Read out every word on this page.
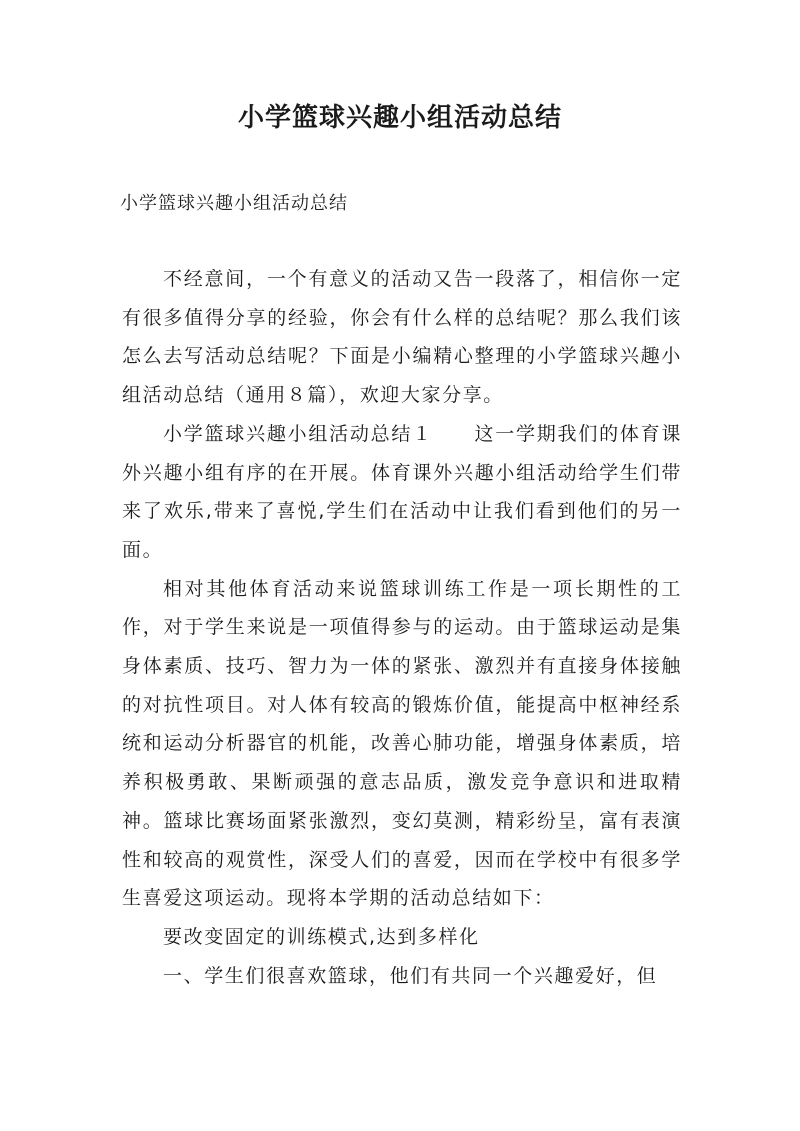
小学篮球兴趣小组活动总结

小学篮球兴趣小组活动总结

不经意间，一个有意义的活动又告一段落了，相信你一定有很多值得分享的经验，你会有什么样的总结呢？那么我们该怎么去写活动总结呢？下面是小编精心整理的小学篮球兴趣小组活动总结（通用８篇），欢迎大家分享。

小学篮球兴趣小组活动总结１　　这一学期我们的体育课外兴趣小组有序的在开展。体育课外兴趣小组活动给学生们带来了欢乐,带来了喜悦,学生们在活动中让我们看到他们的另一面。

相对其他体育活动来说篮球训练工作是一项长期性的工作，对于学生来说是一项值得参与的运动。由于篮球运动是集身体素质、技巧、智力为一体的紧张、激烈并有直接身体接触的对抗性项目。对人体有较高的锻炼价值，能提高中枢神经系统和运动分析器官的机能，改善心肺功能，增强身体素质，培养积极勇敢、果断顽强的意志品质，激发竞争意识和进取精神。篮球比赛场面紧张激烈，变幻莫测，精彩纷呈，富有表演性和较高的观赏性，深受人们的喜爱，因而在学校中有很多学生喜爱这项运动。现将本学期的活动总结如下：

要改变固定的训练模式,达到多样化

一、学生们很喜欢篮球，他们有共同一个兴趣爱好，但
